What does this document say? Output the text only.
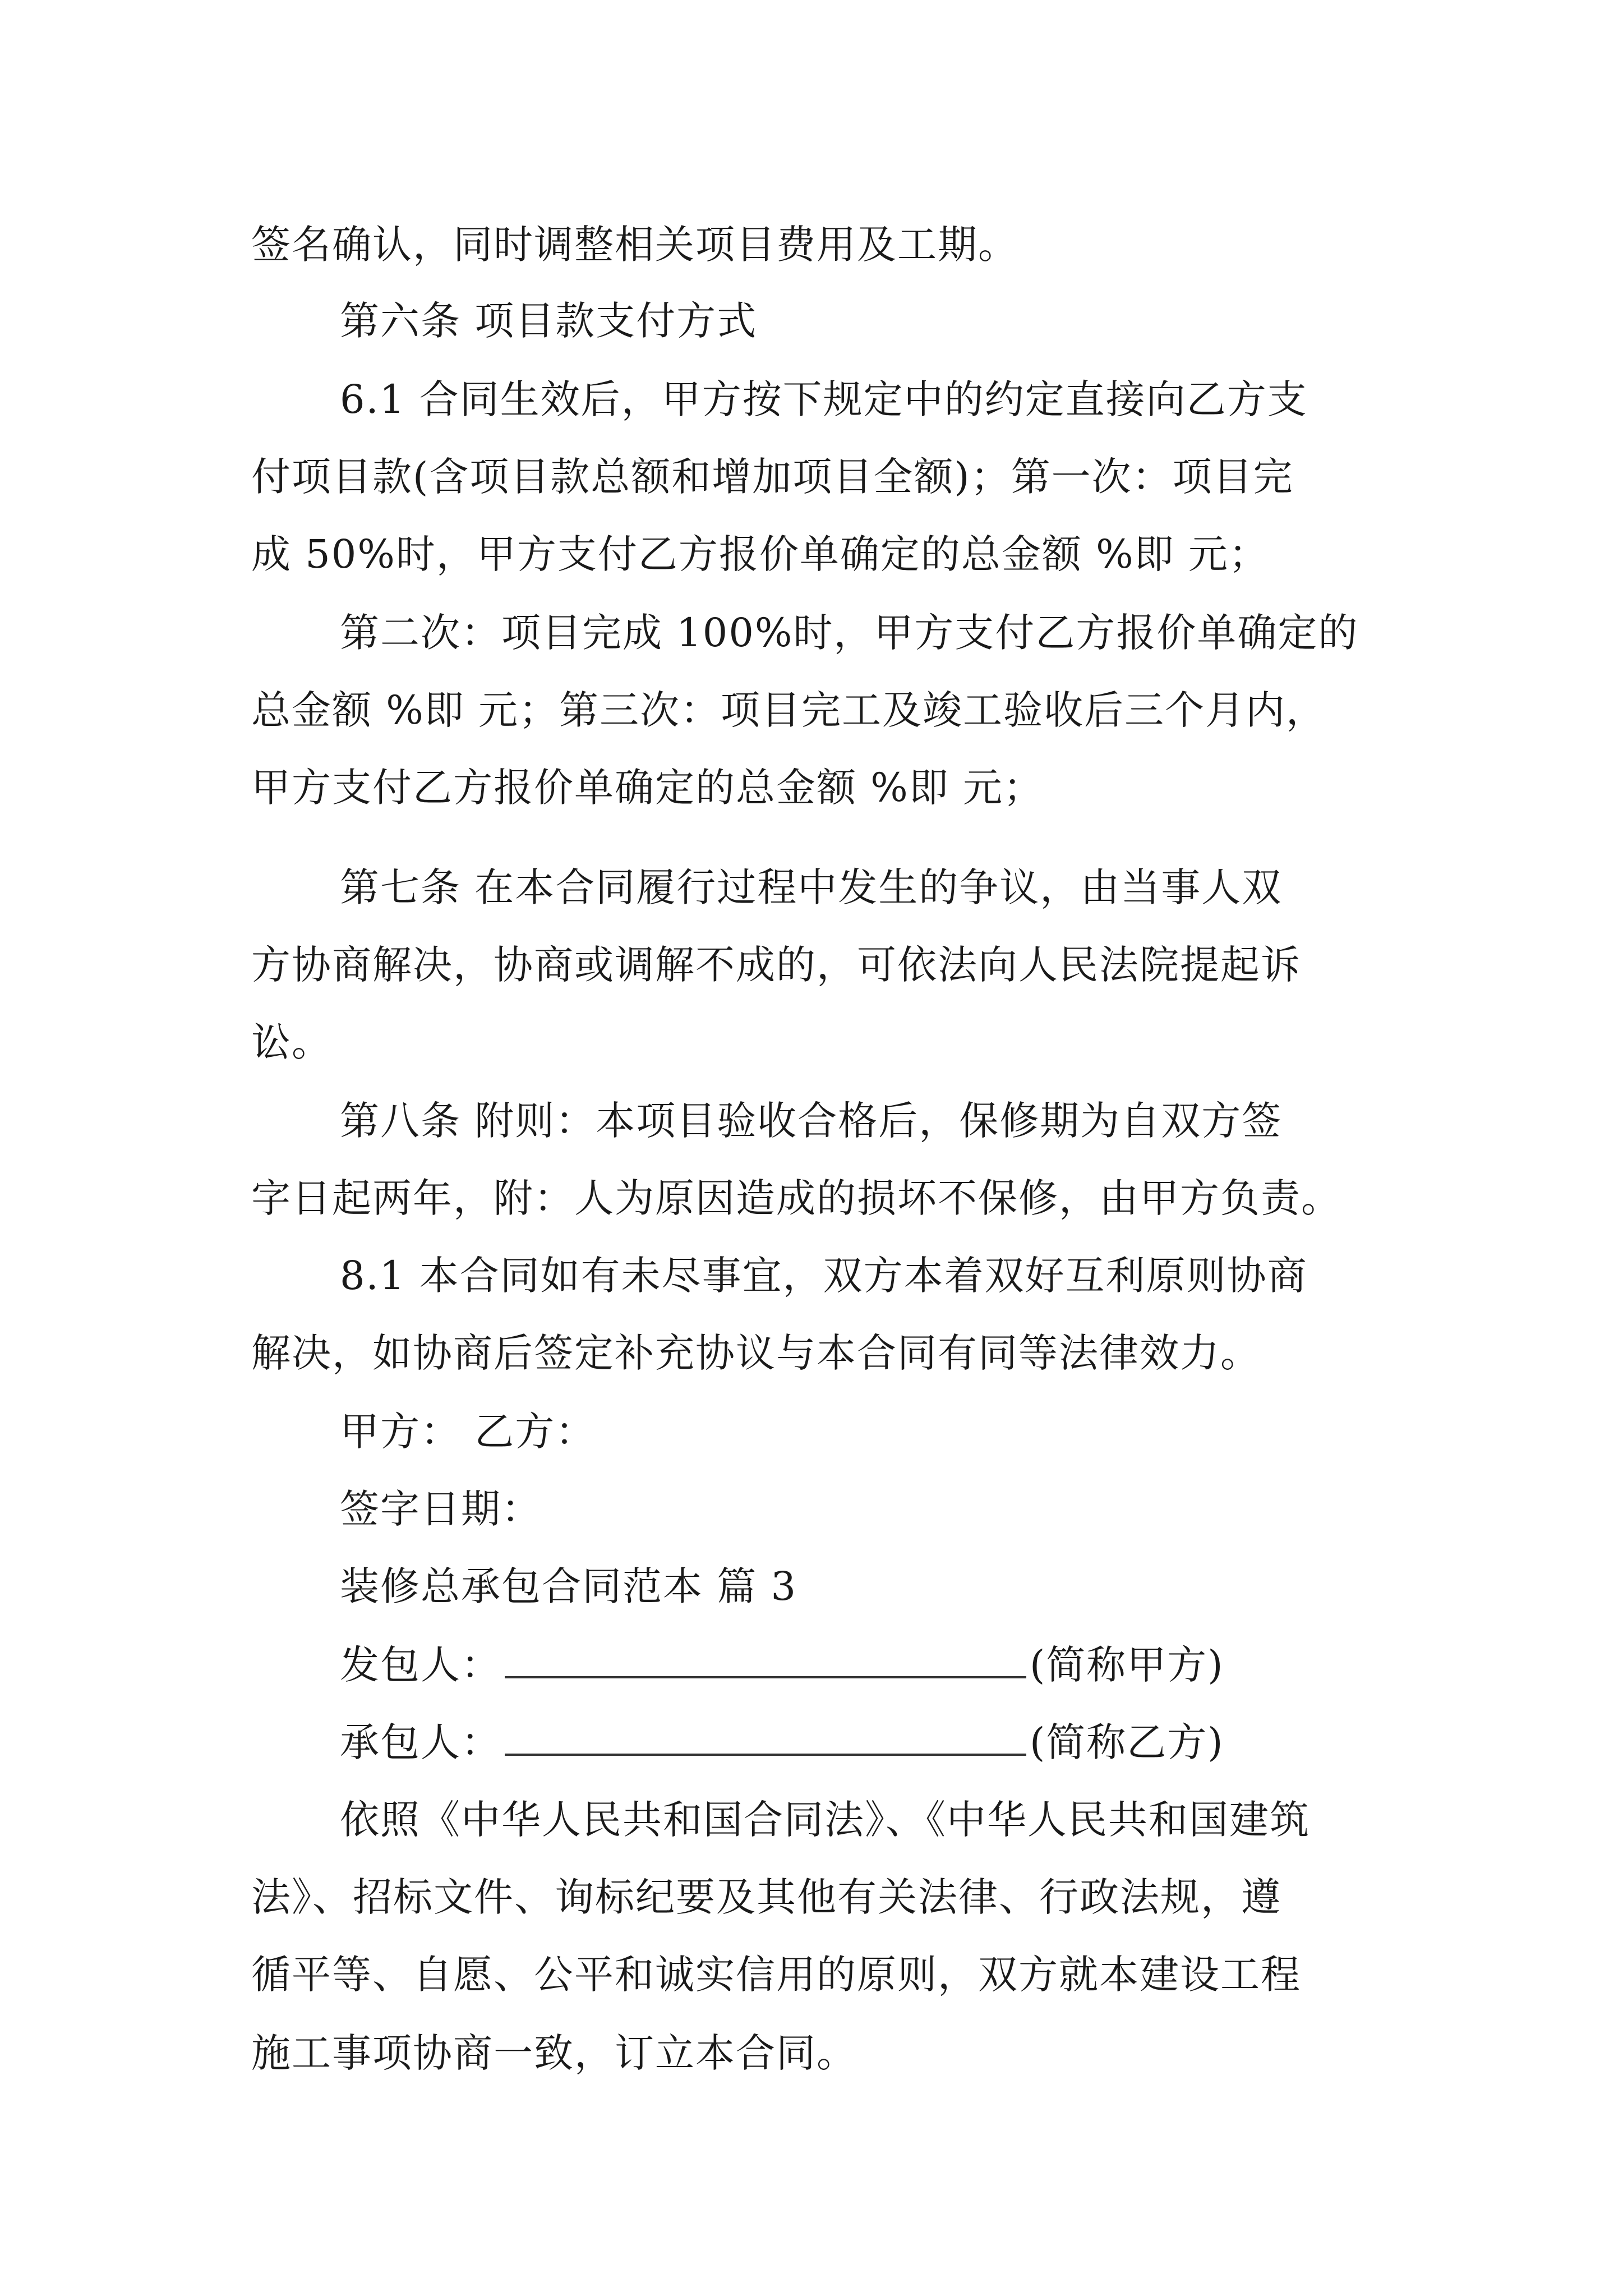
签名确认，同时调整相关项目费用及工期。
第六条 项目款支付方式
6.1 合同生效后，甲方按下规定中的约定直接向乙方支
付项目款(含项目款总额和增加项目全额)；第一次：项目完
成 50%时，甲方支付乙方报价单确定的总金额 %即 元；
第二次：项目完成 100%时，甲方支付乙方报价单确定的
总金额 %即 元；第三次：项目完工及竣工验收后三个月内，
甲方支付乙方报价单确定的总金额 %即 元；
第七条 在本合同履行过程中发生的争议，由当事人双
方协商解决，协商或调解不成的，可依法向人民法院提起诉
讼。
第八条 附则：本项目验收合格后，保修期为自双方签
字日起两年，附：人为原因造成的损坏不保修，由甲方负责。
8.1 本合同如有未尽事宜，双方本着双好互利原则协商
解决，如协商后签定补充协议与本合同有同等法律效力。
甲方： 乙方：
签字日期：
装修总承包合同范本 篇 3
发包人：	(简称甲方)
承包人：	(简称乙方)
依照《中华人民共和国合同法》、《中华人民共和国建筑
法》、招标文件、询标纪要及其他有关法律、行政法规，遵
循平等、自愿、公平和诚实信用的原则，双方就本建设工程
施工事项协商一致，订立本合同。
